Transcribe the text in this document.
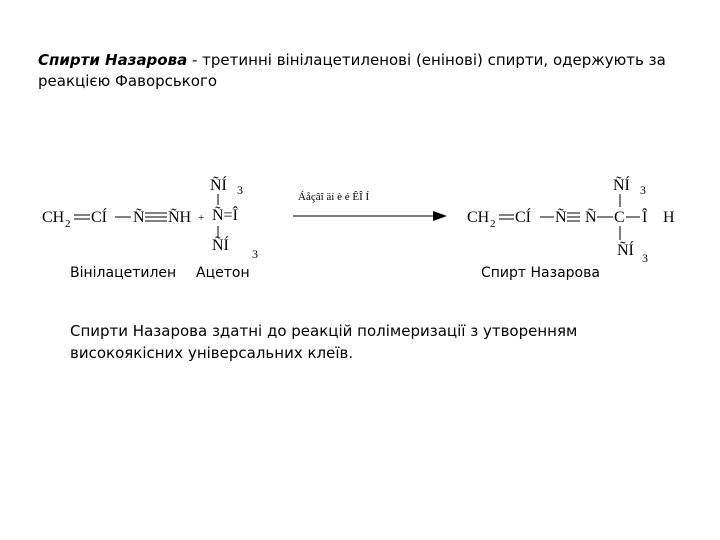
Спирти Назарова - третинні вінілацетиленові (енінові) спирти, одержують за реакцією Фаворського
CH 2 CÍ Ñ ÑH +
ÑÍ 3
Ñ=Î
ÑÍ 3
Áåçâî äí è é ÊÎ Í
CH 2 CÍ Ñ Ñ C Î H
ÑÍ 3
ÑÍ 3
Вінілацетилен Ацетон	Спирт Назарова
Спирти Назарова здатні до реакцій полімеризації з утворенням високоякісних універсальних клеїв.
